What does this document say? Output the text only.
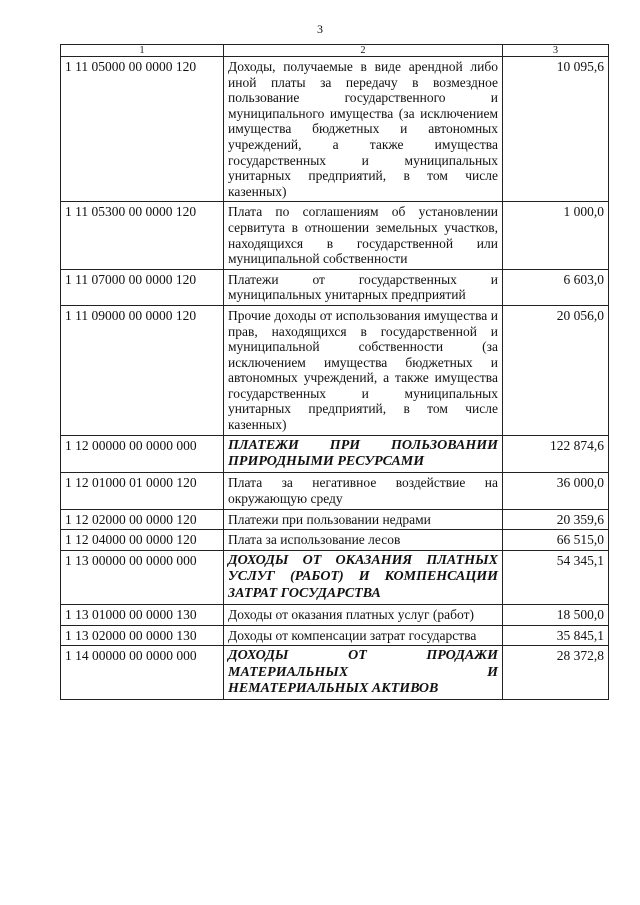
3
1	2	3
1 11 05000 00 0000 120	Доходы, получаемые в виде арендной либо иной платы за передачу в возмездное пользование государственного и муниципального имущества (за исключением имущества бюджетных и автономных учреждений, а также имущества государственных и муниципальных унитарных предприятий, в том числе казенных)	10 095,6
1 11 05300 00 0000 120	Плата по соглашениям об установлении сервитута в отношении земельных участков, находящихся в государственной или муниципальной собственности	1 000,0
1 11 07000 00 0000 120	Платежи от государственных и муниципальных унитарных предприятий	6 603,0
1 11 09000 00 0000 120	Прочие доходы от использования имущества и прав, находящихся в государственной и муниципальной собственности (за исключением имущества бюджетных и автономных учреждений, а также имущества государственных и муниципальных унитарных предприятий, в том числе казенных)	20 056,0
1 12 00000 00 0000 000	ПЛАТЕЖИ ПРИ ПОЛЬЗОВАНИИ ПРИРОДНЫМИ РЕСУРСАМИ	122 874,6
1 12 01000 01 0000 120	Плата за негативное воздействие на окружающую среду	36 000,0
1 12 02000 00 0000 120	Платежи при пользовании недрами	20 359,6
1 12 04000 00 0000 120	Плата за использование лесов	66 515,0
1 13 00000 00 0000 000	ДОХОДЫ ОТ ОКАЗАНИЯ ПЛАТНЫХ УСЛУГ (РАБОТ) И КОМПЕНСАЦИИ ЗАТРАТ ГОСУДАРСТВА	54 345,1
1 13 01000 00 0000 130	Доходы от оказания платных услуг (работ)	18 500,0
1 13 02000 00 0000 130	Доходы от компенсации затрат государства	35 845,1
1 14 00000 00 0000 000	ДОХОДЫ ОТ ПРОДАЖИ МАТЕРИАЛЬНЫХ И НЕМАТЕРИАЛЬНЫХ АКТИВОВ	28 372,8
